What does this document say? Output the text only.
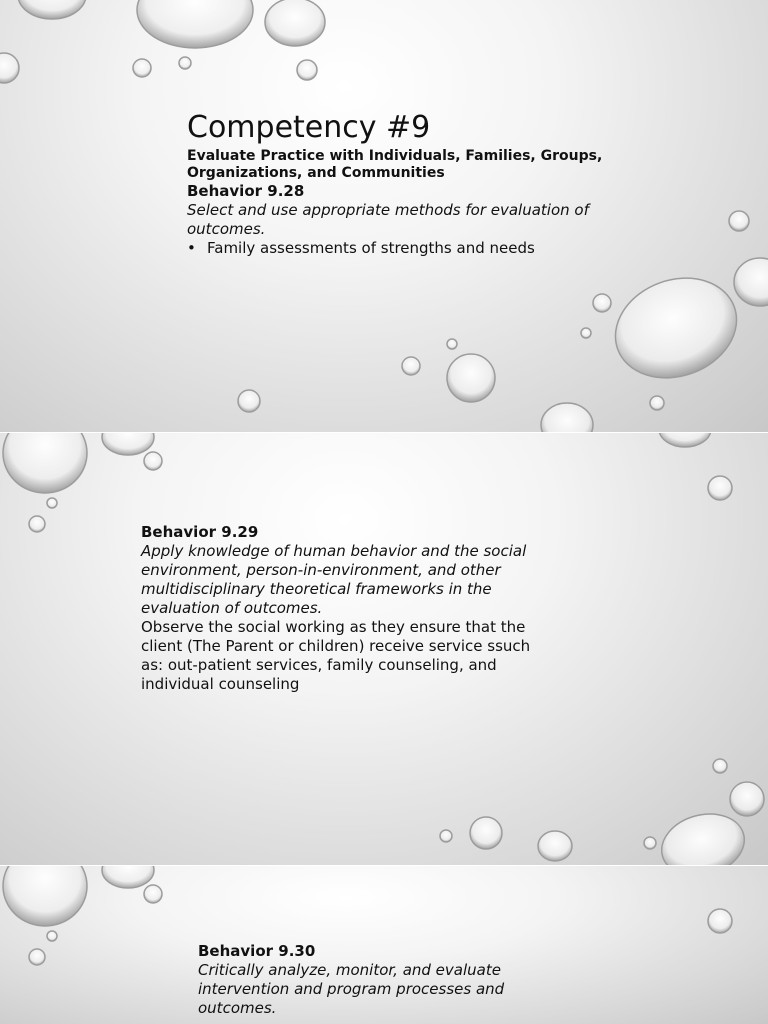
Competency #9
Evaluate Practice with Individuals, Families, Groups, Organizations, and Communities
Behavior 9.28
Select and use appropriate methods for evaluation of outcomes.
• Family assessments of strengths and needs
Behavior 9.29
Apply knowledge of human behavior and the social environment, person-in-environment, and other multidisciplinary theoretical frameworks in the evaluation of outcomes.
Observe the social working as they ensure that the client (The Parent or children) receive service ssuch as: out-patient services, family counseling, and individual counseling
Behavior 9.30
Critically analyze, monitor, and evaluate intervention and program processes and outcomes.
